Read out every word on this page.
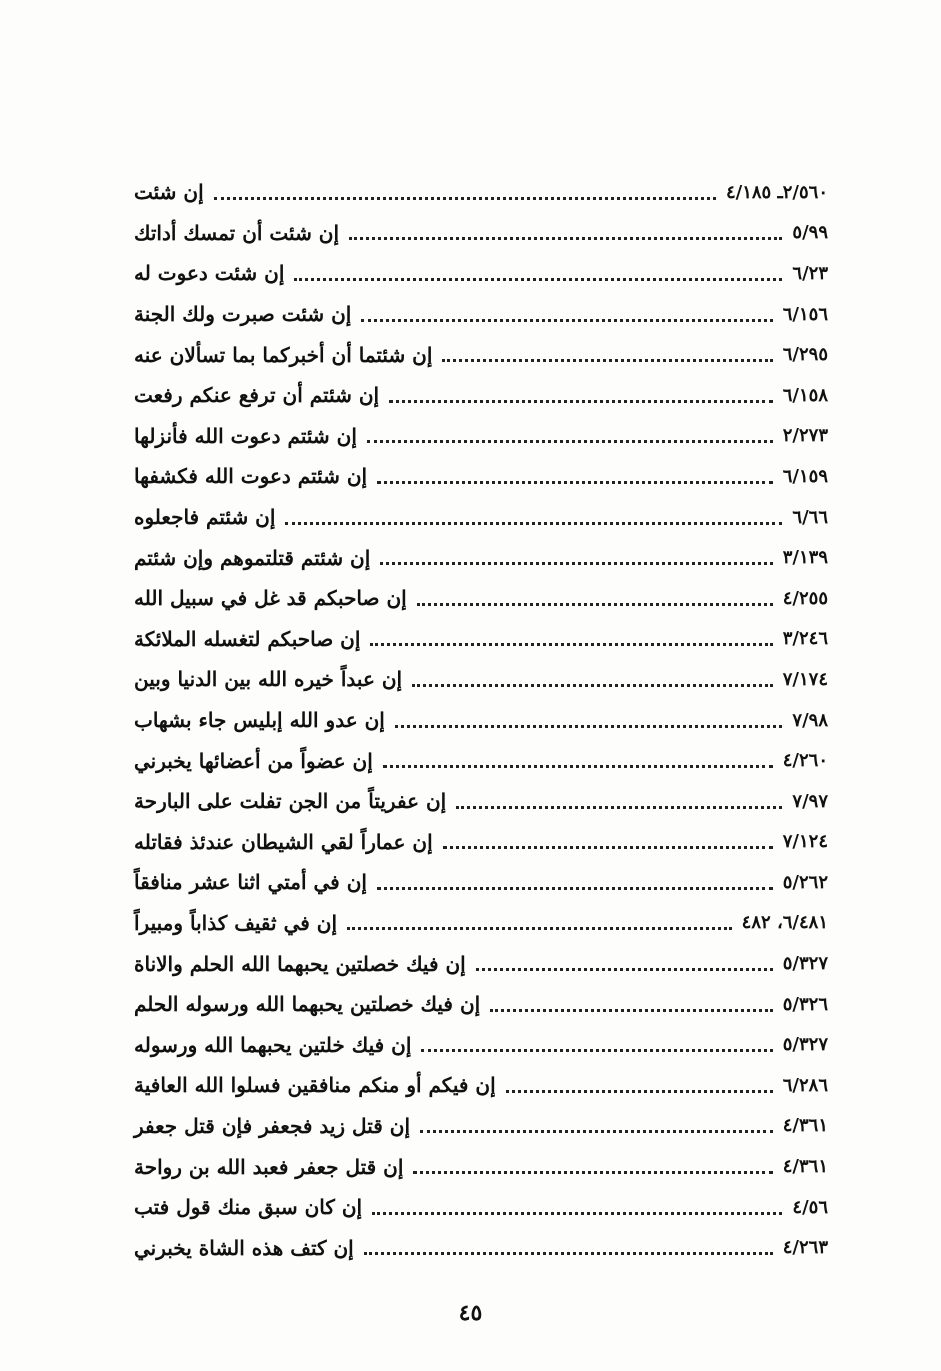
إن شئت	٢/٥٦٠ـ ٤/١٨٥
إن شئت أن تمسك أداتك	٥/٩٩
إن شئت دعوت له	٦/٢٣
إن شئت صبرت ولك الجنة	٦/١٥٦
إن شئتما أن أخبركما بما تسألان عنه	٦/٢٩٥
إن شئتم أن ترفع عنكم رفعت	٦/١٥٨
إن شئتم دعوت الله فأنزلها	٢/٢٧٣
إن شئتم دعوت الله فكشفها	٦/١٥٩
إن شئتم فاجعلوه	٦/٦٦
إن شئتم قتلتموهم وإن شئتم	٣/١٣٩
إن صاحبكم قد غل في سبيل الله	٤/٢٥٥
إن صاحبكم لتغسله الملائكة	٣/٢٤٦
إن عبداً خيره الله بين الدنيا وبين	٧/١٧٤
إن عدو الله إبليس جاء بشهاب	٧/٩٨
إن عضواً من أعضائها يخبرني	٤/٢٦٠
إن عفريتاً من الجن تفلت على البارحة	٧/٩٧
إن عماراً لقي الشيطان عندئذ فقاتله	٧/١٢٤
إن في أمتي اثنا عشر منافقاً	٥/٢٦٢
إن في ثقيف كذاباً ومبيراً	٦/٤٨١، ٤٨٢
إن فيك خصلتين يحبهما الله الحلم والاناة	٥/٣٢٧
إن فيك خصلتين يحبهما الله ورسوله الحلم	٥/٣٢٦
إن فيك خلتين يحبهما الله ورسوله	٥/٣٢٧
إن فيكم أو منكم منافقين فسلوا الله العافية	٦/٢٨٦
إن قتل زيد فجعفر فإن قتل جعفر	٤/٣٦١
إن قتل جعفر فعبد الله بن رواحة	٤/٣٦١
إن كان سبق منك قول فتب	٤/٥٦
إن كتف هذه الشاة يخبرني	٤/٢٦٣
٤٥
